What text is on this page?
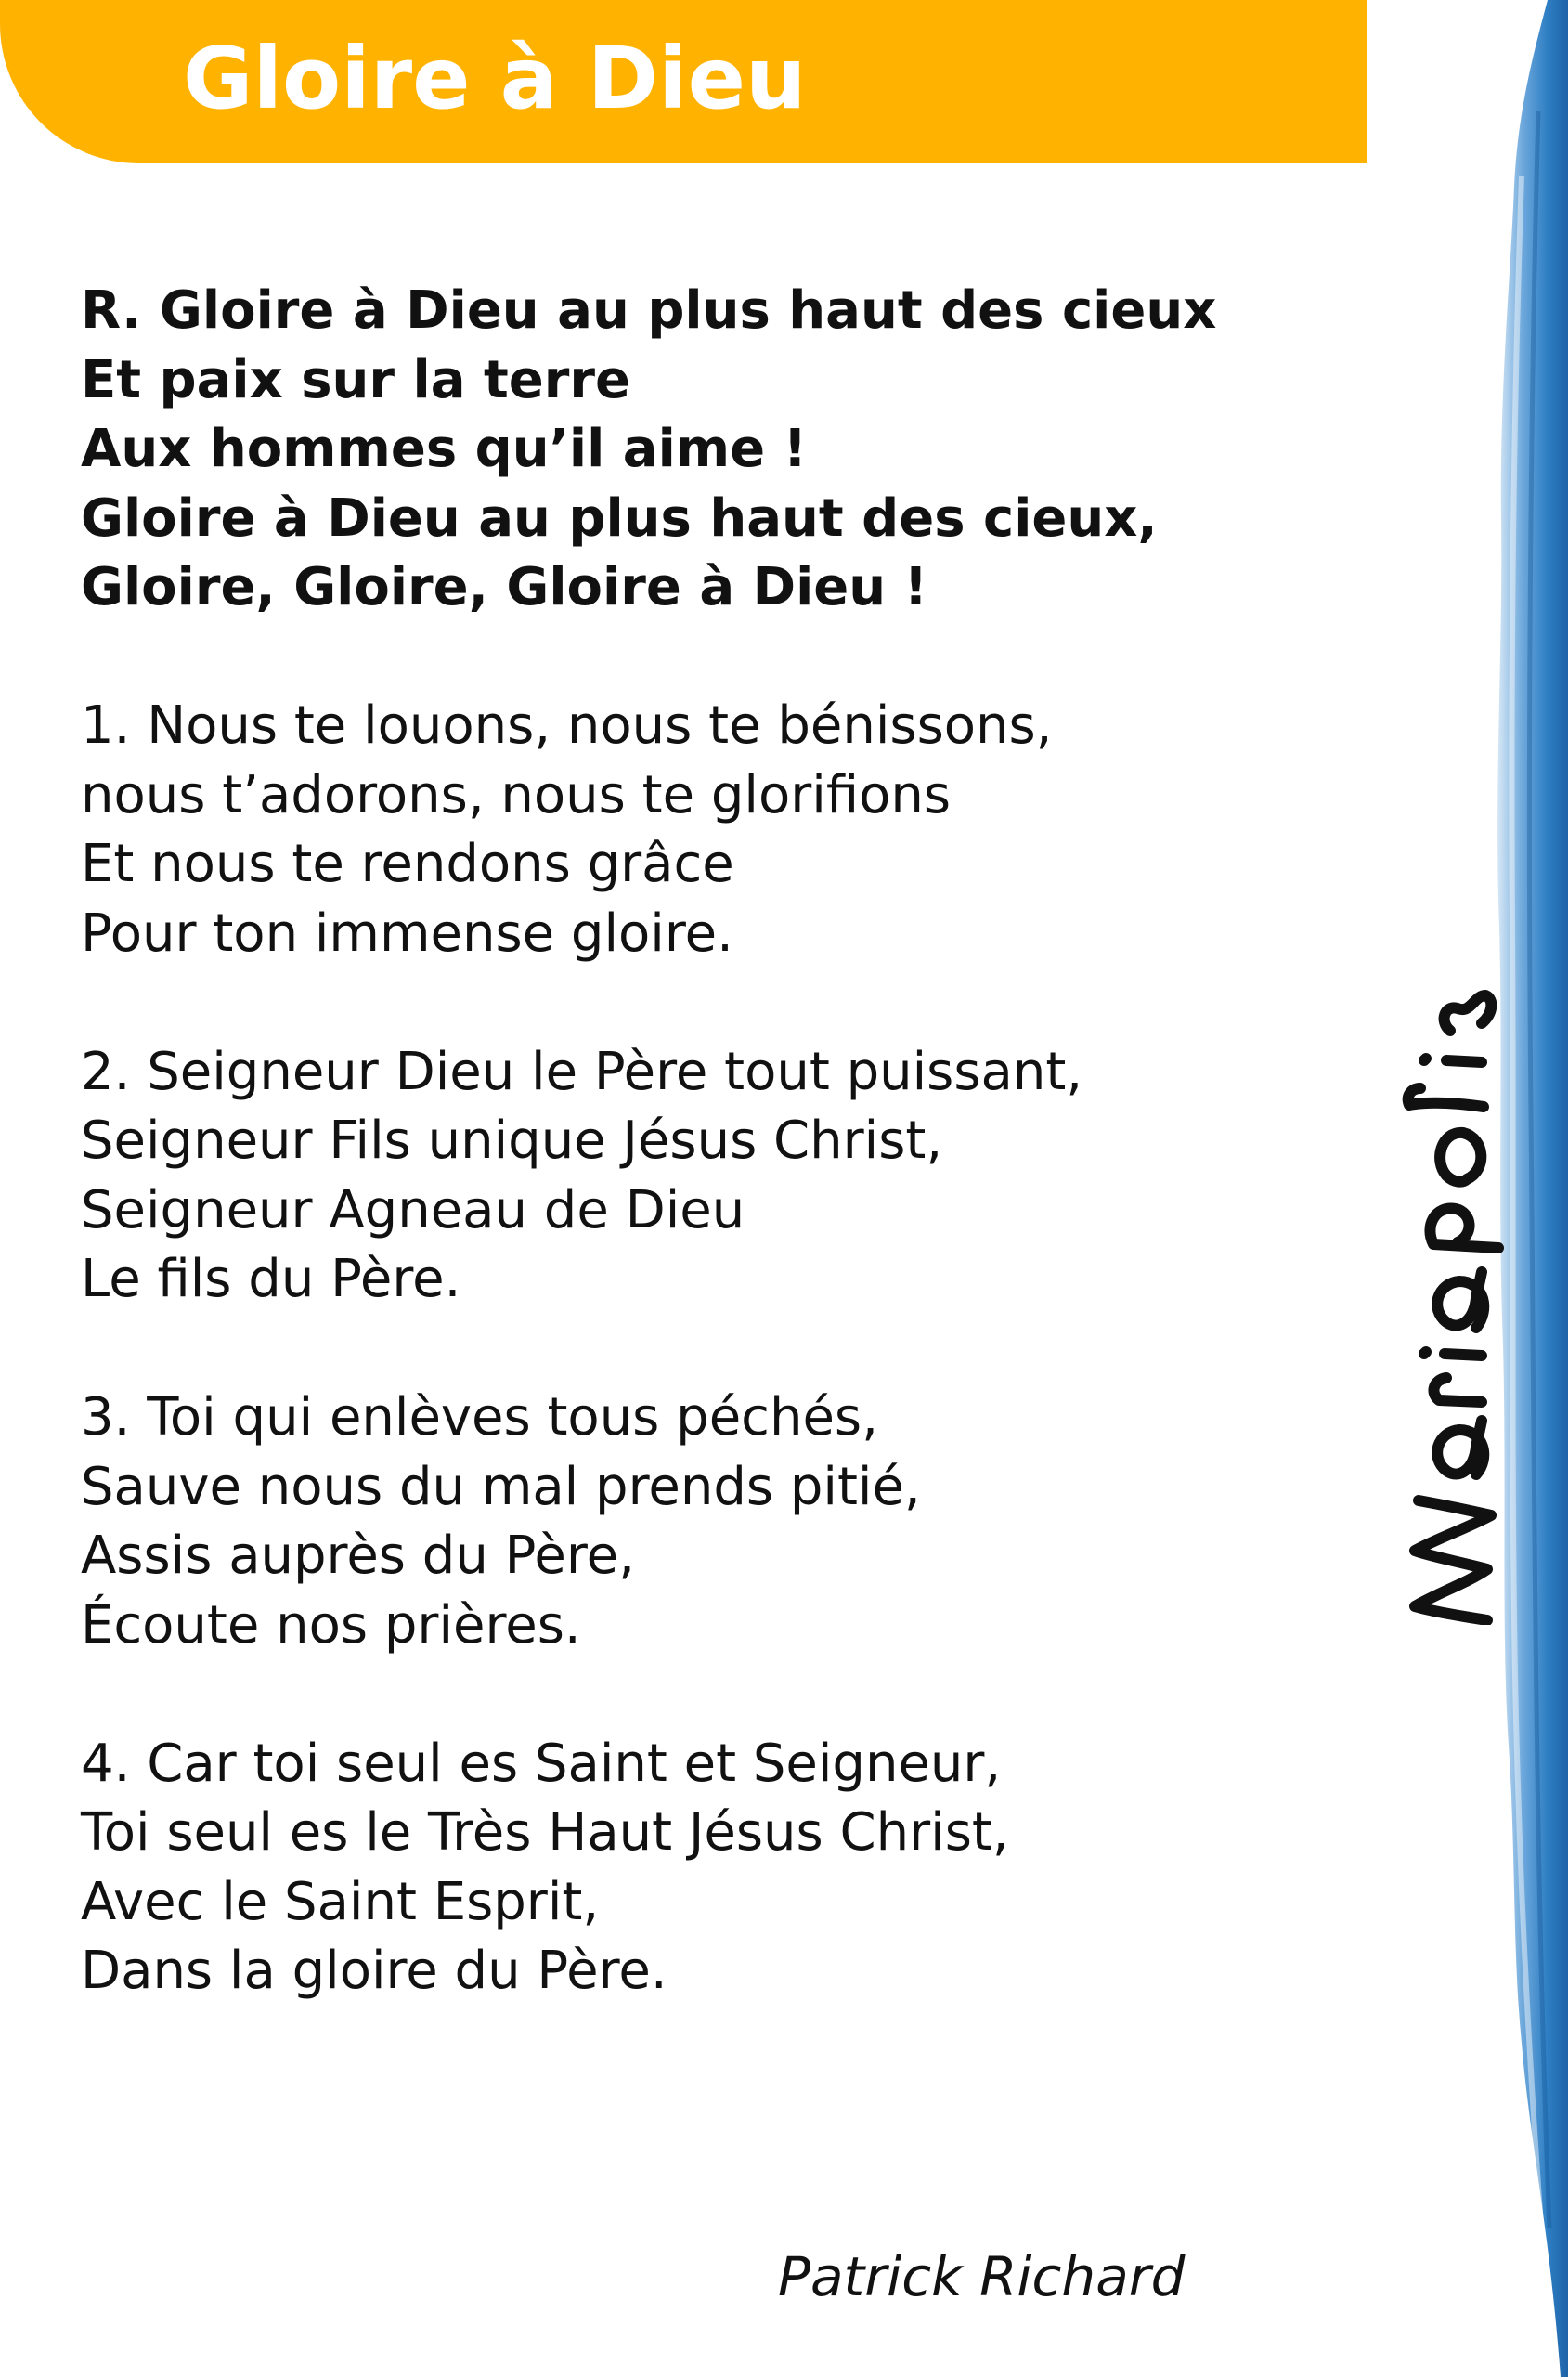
Gloire à Dieu
R. Gloire à Dieu au plus haut des cieux
Et paix sur la terre
Aux hommes qu’il aime !
Gloire à Dieu au plus haut des cieux,
Gloire, Gloire, Gloire à Dieu !
1. Nous te louons, nous te bénissons,
nous t’adorons, nous te glorifions
Et nous te rendons grâce
Pour ton immense gloire.
2. Seigneur Dieu le Père tout puissant,
Seigneur Fils unique Jésus Christ,
Seigneur Agneau de Dieu
Le fils du Père.
3. Toi qui enlèves tous péchés,
Sauve nous du mal prends pitié,
Assis auprès du Père,
Écoute nos prières.
4. Car toi seul es Saint et Seigneur,
Toi seul es le Très Haut Jésus Christ,
Avec le Saint Esprit,
Dans la gloire du Père.
Patrick Richard
